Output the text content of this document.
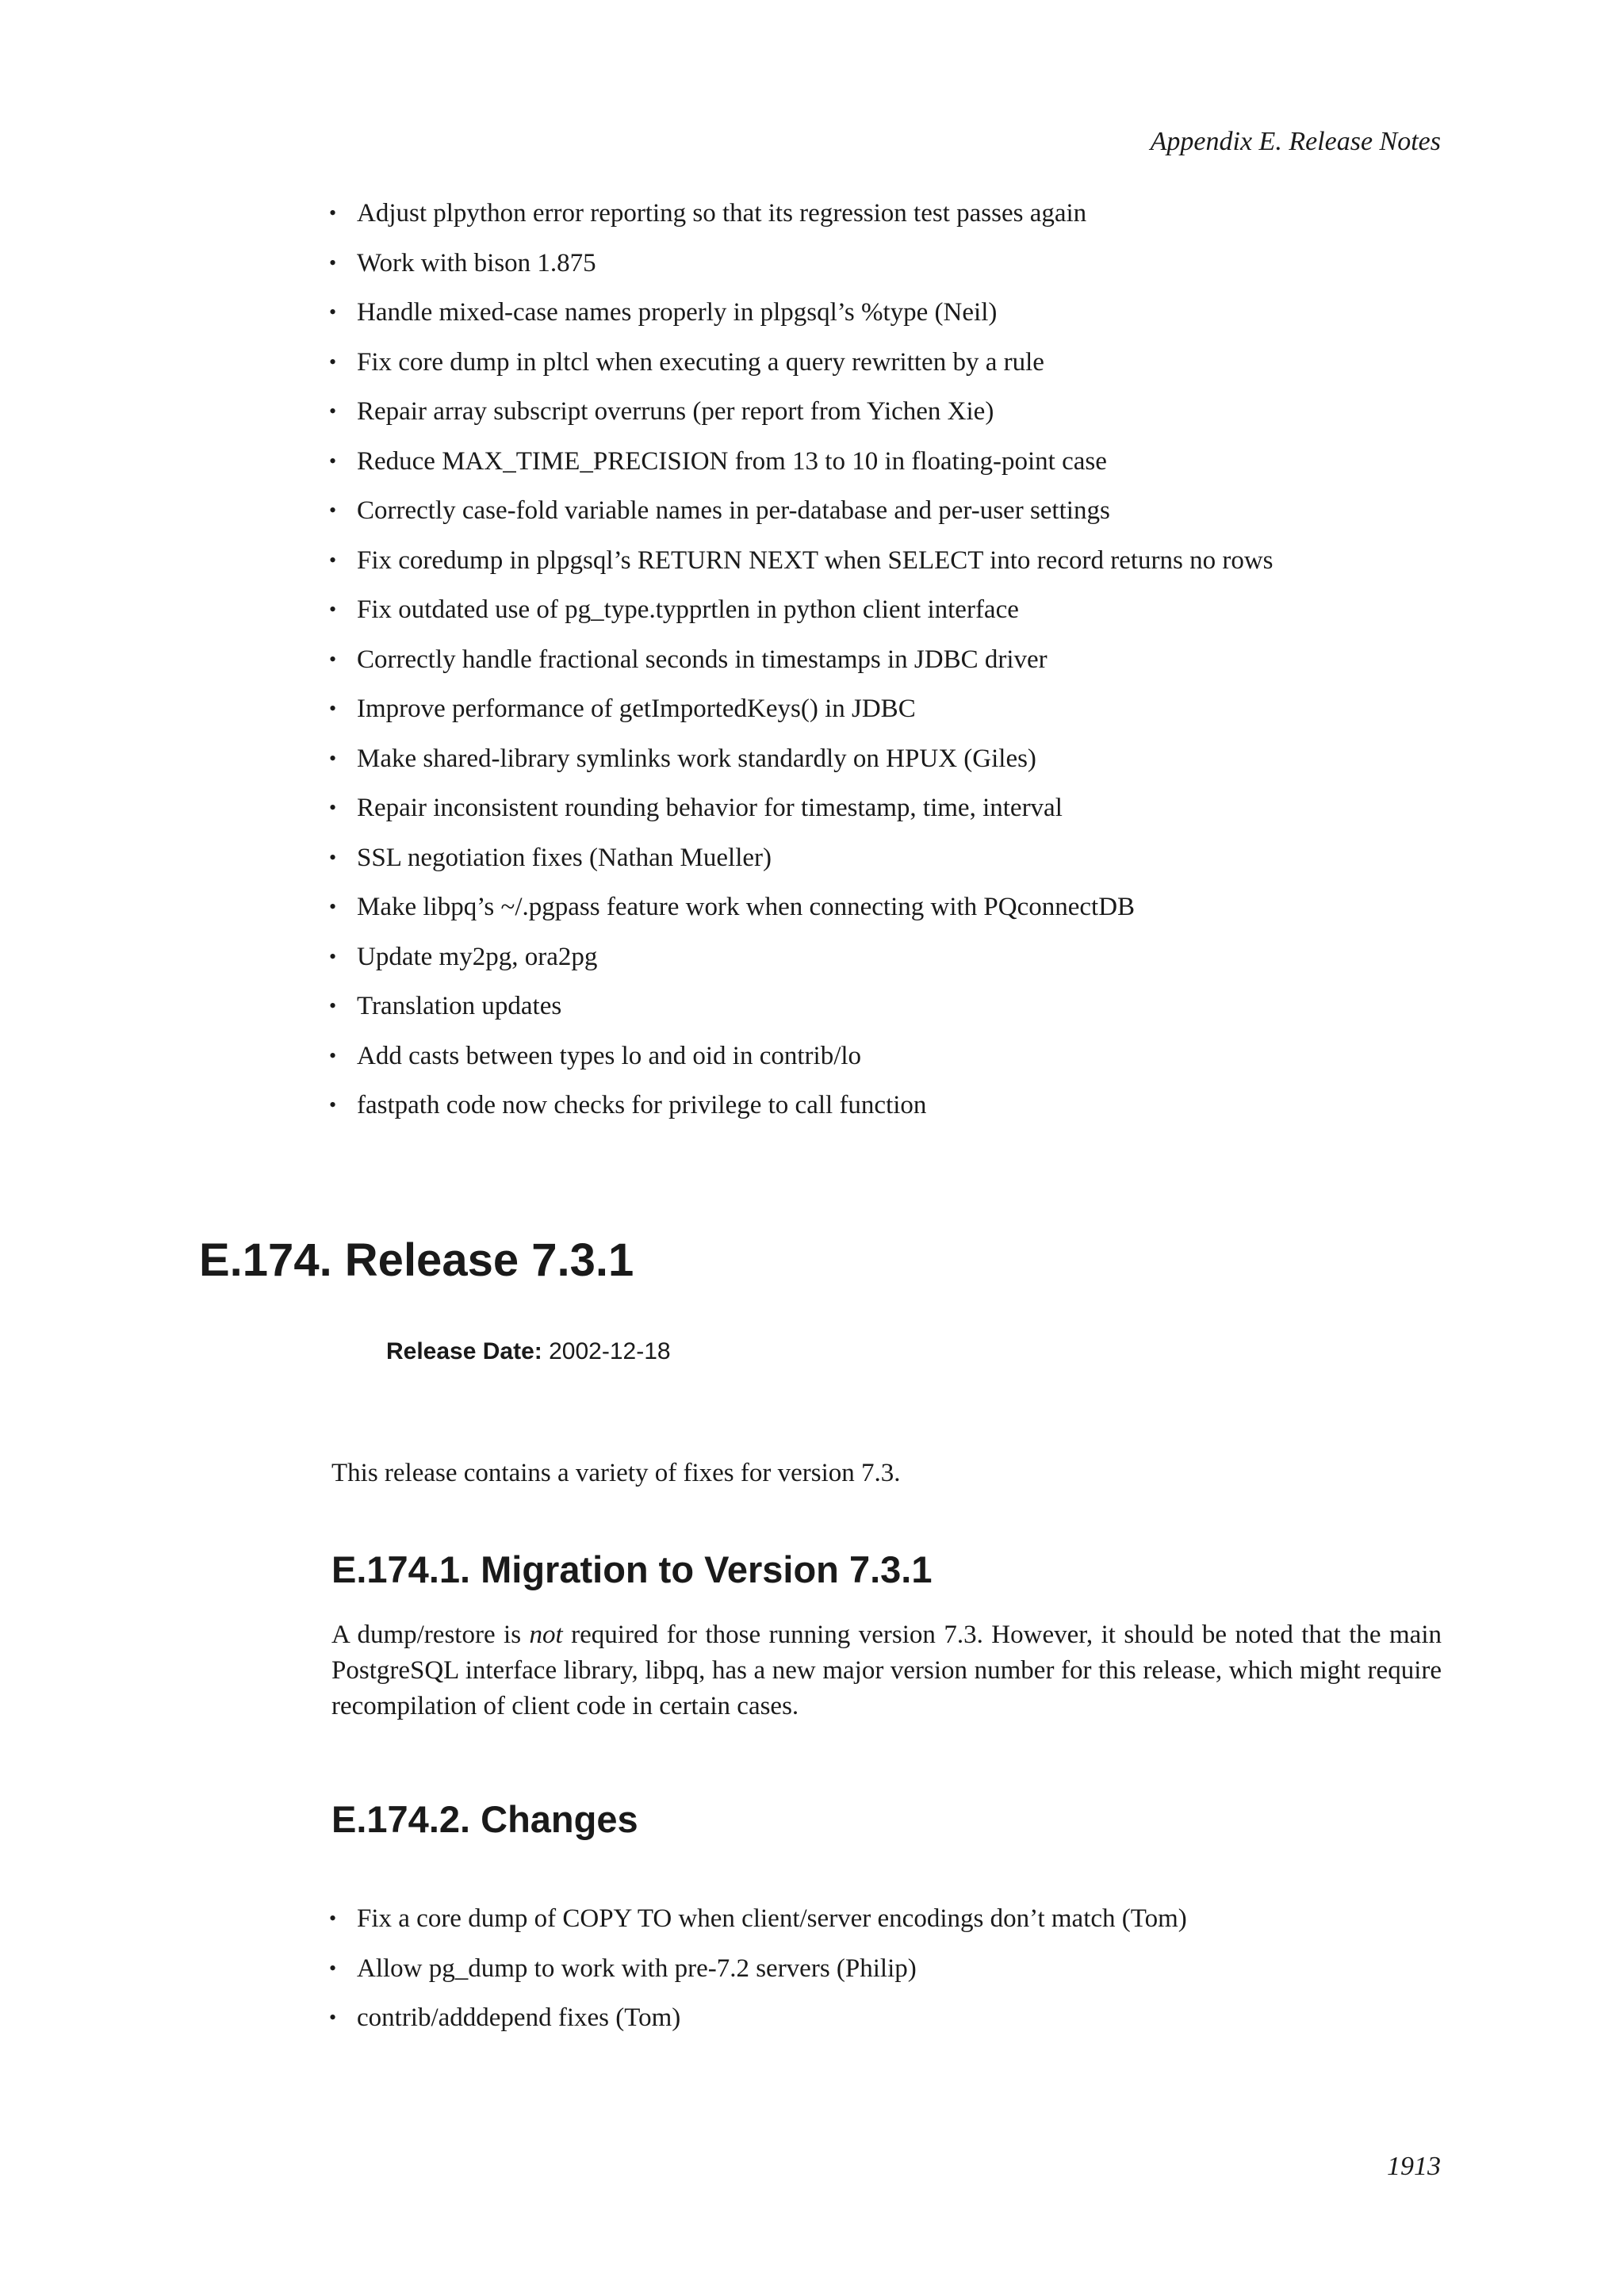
Appendix E. Release Notes
• Adjust plpython error reporting so that its regression test passes again
• Work with bison 1.875
• Handle mixed-case names properly in plpgsql’s %type (Neil)
• Fix core dump in pltcl when executing a query rewritten by a rule
• Repair array subscript overruns (per report from Yichen Xie)
• Reduce MAX_TIME_PRECISION from 13 to 10 in floating-point case
• Correctly case-fold variable names in per-database and per-user settings
• Fix coredump in plpgsql’s RETURN NEXT when SELECT into record returns no rows
• Fix outdated use of pg_type.typprtlen in python client interface
• Correctly handle fractional seconds in timestamps in JDBC driver
• Improve performance of getImportedKeys() in JDBC
• Make shared-library symlinks work standardly on HPUX (Giles)
• Repair inconsistent rounding behavior for timestamp, time, interval
• SSL negotiation fixes (Nathan Mueller)
• Make libpq’s ~/.pgpass feature work when connecting with PQconnectDB
• Update my2pg, ora2pg
• Translation updates
• Add casts between types lo and oid in contrib/lo
• fastpath code now checks for privilege to call function
E.174. Release 7.3.1
Release Date: 2002-12-18

This release contains a variety of fixes for version 7.3.

E.174.1. Migration to Version 7.3.1

A dump/restore is not required for those running version 7.3. However, it should be noted that the main PostgreSQL interface library, libpq, has a new major version number for this release, which might require recompilation of client code in certain cases.

E.174.2. Changes
• Fix a core dump of COPY TO when client/server encodings don’t match (Tom)
• Allow pg_dump to work with pre-7.2 servers (Philip)
• contrib/adddepend fixes (Tom)
1913
